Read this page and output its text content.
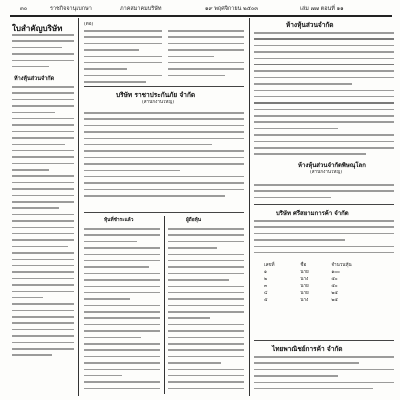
๓๐	ราชกิจจานุเบกษา	ภาคสมาคมบริษัท	๑๙ พฤศจิกายน ๒๕๐๓	เล่ม ๗๗ ตอนที่ ๑๑
ใบสำคัญบริษัท
ห้างหุ้นส่วนจำกัด
(ต่อ)
บริษัท ราชาประกันภัย จำกัด
(สำนักงานใหญ่)
หุ้นที่ชำระแล้ว	ผู้ถือหุ้น
ห้างหุ้นส่วนจำกัด
ห้างหุ้นส่วนจำกัดพิษณุโลก
(สำนักงานใหญ่)
บริษัท ศรีสยามการค้า จำกัด
เลขที่	ชื่อ	จำนวนหุ้น
๑	นาย	๑๐๐
๒	นาง	๕๐
๓	นาย	๕๐
๔	นาย	๒๕
๕	นาง	๒๕
ไทยพาณิชย์การค้า จำกัด
